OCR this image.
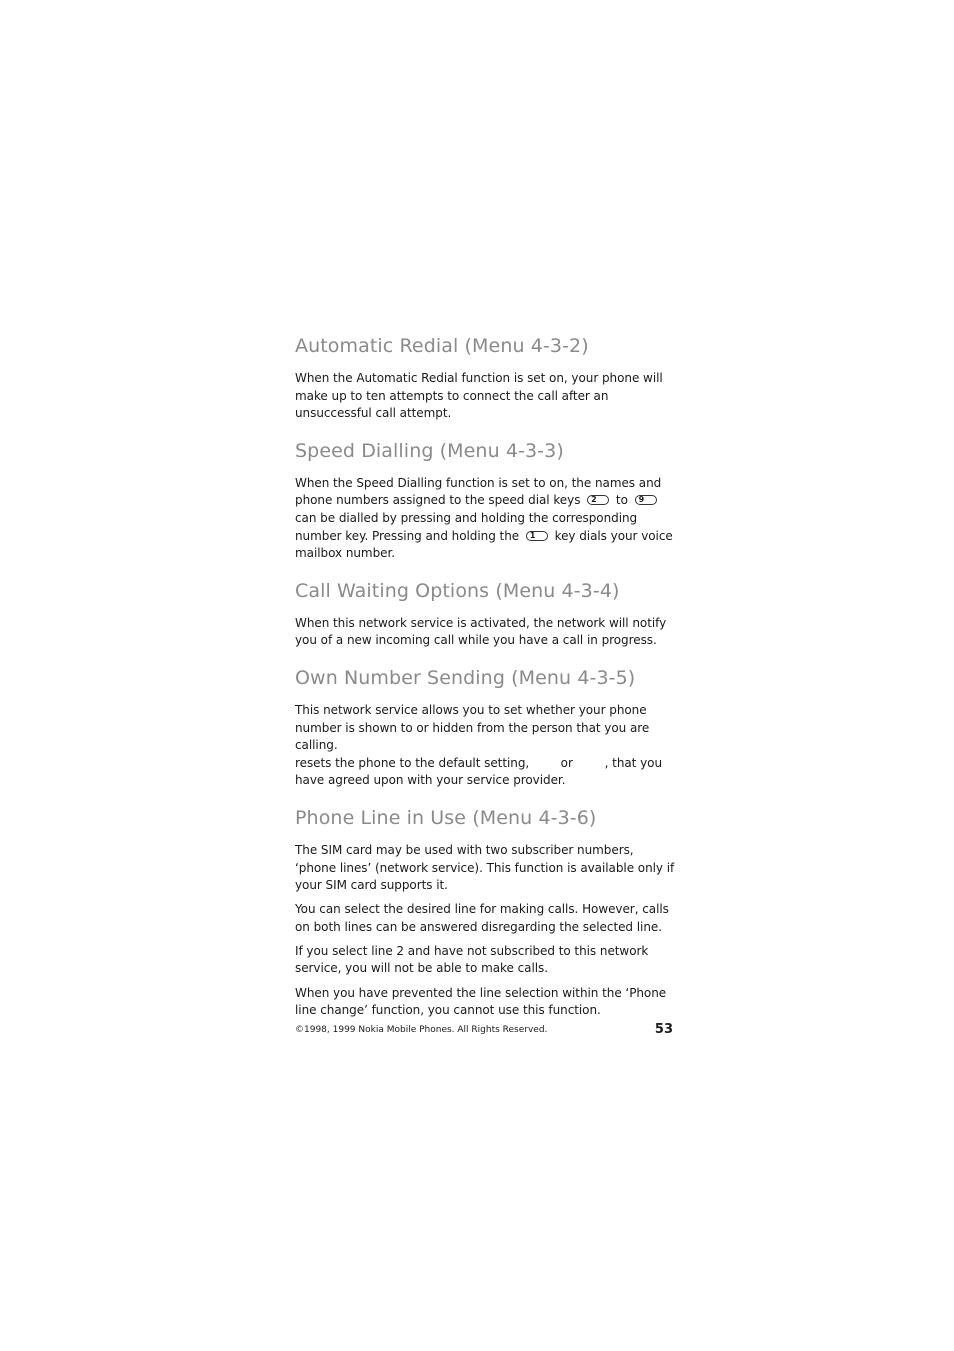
Automatic Redial (Menu 4-3-2)

When the Automatic Redial function is set on, your phone will make up to ten attempts to connect the call after an unsuccessful call attempt.

Speed Dialling (Menu 4-3-3)

When the Speed Dialling function is set to on, the names and phone numbers assigned to the speed dial keys 2 to 9
can be dialled by pressing and holding the corresponding number key. Pressing and holding the 1 key dials your voice mailbox number.

Call Waiting Options (Menu 4-3-4)

When this network service is activated, the network will notify you of a new incoming call while you have a call in progress.

Own Number Sending (Menu 4-3-5)

This network service allows you to set whether your phone number is shown to or hidden from the person that you are calling.
resets the phone to the default setting,  or , that you have agreed upon with your service provider.

Phone Line in Use (Menu 4-3-6)

The SIM card may be used with two subscriber numbers, ‘phone lines’ (network service). This function is available only if your SIM card supports it.

You can select the desired line for making calls. However, calls on both lines can be answered disregarding the selected line.

If you select line 2 and have not subscribed to this network service, you will not be able to make calls.

When you have prevented the line selection within the ‘Phone line change’ function, you cannot use this function.

©1998, 1999 Nokia Mobile Phones. All Rights Reserved.	53
